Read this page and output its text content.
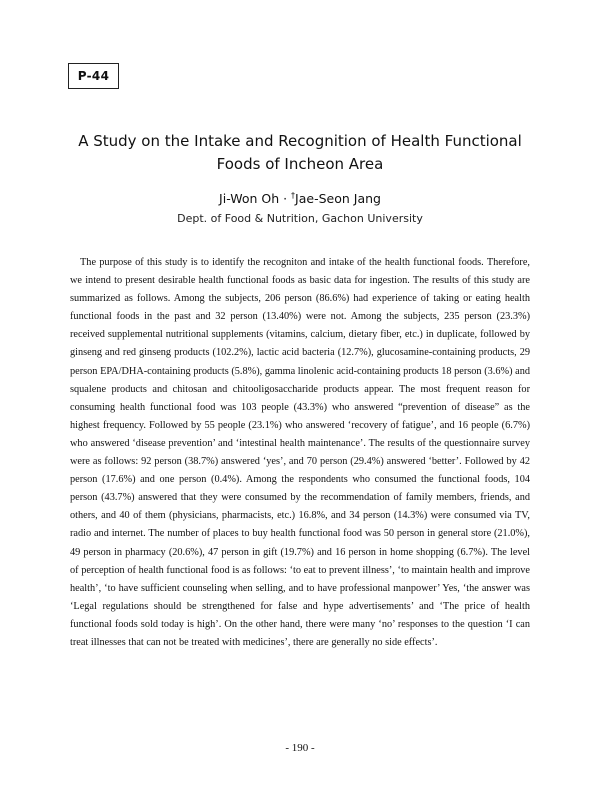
P-44
A Study on the Intake and Recognition of Health Functional
Foods of Incheon Area
Ji-Won Oh · †Jae-Seon Jang
Dept. of Food & Nutrition, Gachon University

The purpose of this study is to identify the recogniton and intake of the health functional foods. Therefore, we intend to present desirable health functional foods as basic data for ingestion. The results of this study are summarized as follows. Among the subjects, 206 person (86.6%) had experience of taking or eating health functional foods in the past and 32 person (13.40%) were not. Among the subjects, 235 person (23.3%) received supplemental nutritional supplements (vitamins, calcium, dietary fiber, etc.) in duplicate, followed by ginseng and red ginseng products (102.2%), lactic acid bacteria (12.7%), glucosamine-containing products, 29 person EPA/DHA-containing products (5.8%), gamma linolenic acid-containing products 18 person (3.6%) and squalene products and chitosan and chitooligosaccharide products appear. The most frequent reason for consuming health functional food was 103 people (43.3%) who answered “prevention of disease” as the highest frequency. Followed by 55 people (23.1%) who answered ‘recovery of fatigue’, and 16 people (6.7%) who answered ‘disease prevention’ and ‘intestinal health maintenance’. The results of the questionnaire survey were as follows: 92 person (38.7%) answered ‘yes’, and 70 person (29.4%) answered ‘better’. Followed by 42 person (17.6%) and one person (0.4%). Among the respondents who consumed the functional foods, 104 person (43.7%) answered that they were consumed by the recommendation of family members, friends, and others, and 40 of them (physicians, pharmacists, etc.) 16.8%, and 34 person (14.3%) were consumed via TV, radio and internet. The number of places to buy health functional food was 50 person in general store (21.0%), 49 person in pharmacy (20.6%), 47 person in gift (19.7%) and 16 person in home shopping (6.7%). The level of perception of health functional food is as follows: ‘to eat to prevent illness’, ‘to maintain health and improve health’, ‘to have sufficient counseling when selling, and to have professional manpower’ Yes, ‘the answer was ‘Legal regulations should be strengthened for false and hype advertisements’ and ‘The price of health functional foods sold today is high’. On the other hand, there were many ‘no’ responses to the question ‘I can treat illnesses that can not be treated with medicines’, there are generally no side effects’.

- 190 -
